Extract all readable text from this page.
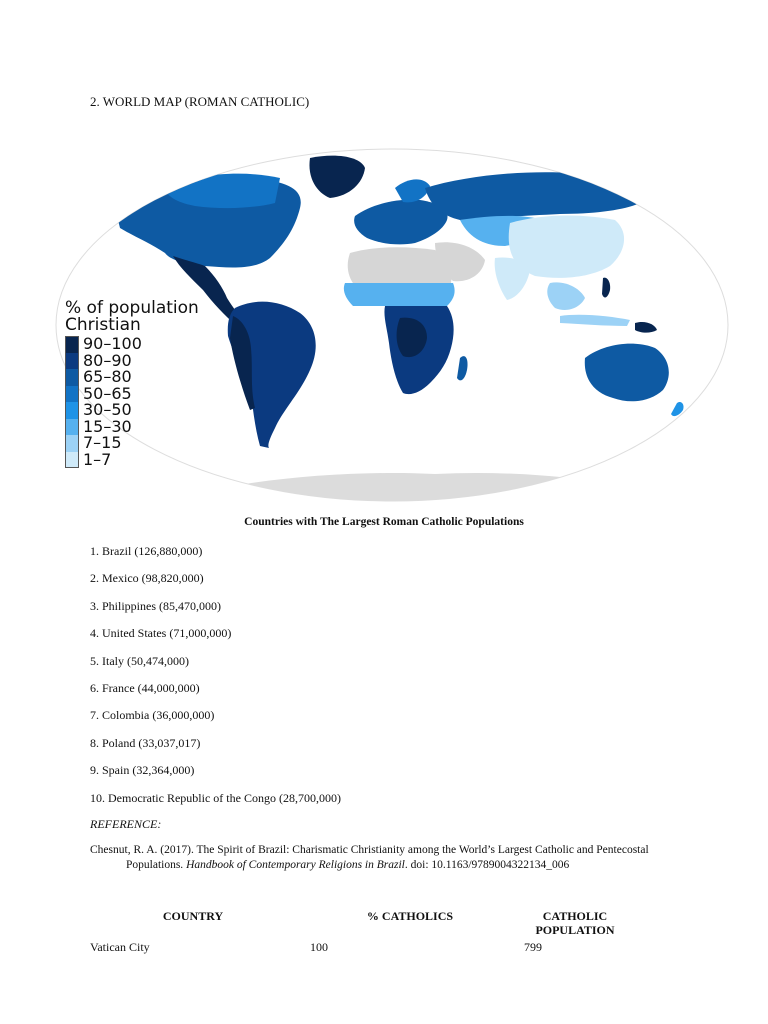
2. WORLD MAP (ROMAN CATHOLIC)
% of population
Christian
90–100
80–90
65–80
50–65
30–50
15–30
7–15
1–7
Countries with The Largest Roman Catholic Populations
1. Brazil (126,880,000)
2. Mexico (98,820,000)
3. Philippines (85,470,000)
4. United States (71,000,000)
5. Italy (50,474,000)
6. France (44,000,000)
7. Colombia (36,000,000)
8. Poland (33,037,017)
9. Spain (32,364,000)
10. Democratic Republic of the Congo (28,700,000)
REFERENCE:
Chesnut, R. A. (2017). The Spirit of Brazil: Charismatic Christianity among the World’s Largest Catholic and Pentecostal
Populations. Handbook of Contemporary Religions in Brazil. doi: 10.1163/9789004322134_006
COUNTRY	% CATHOLICS	CATHOLIC
POPULATION
Vatican City	100	799
